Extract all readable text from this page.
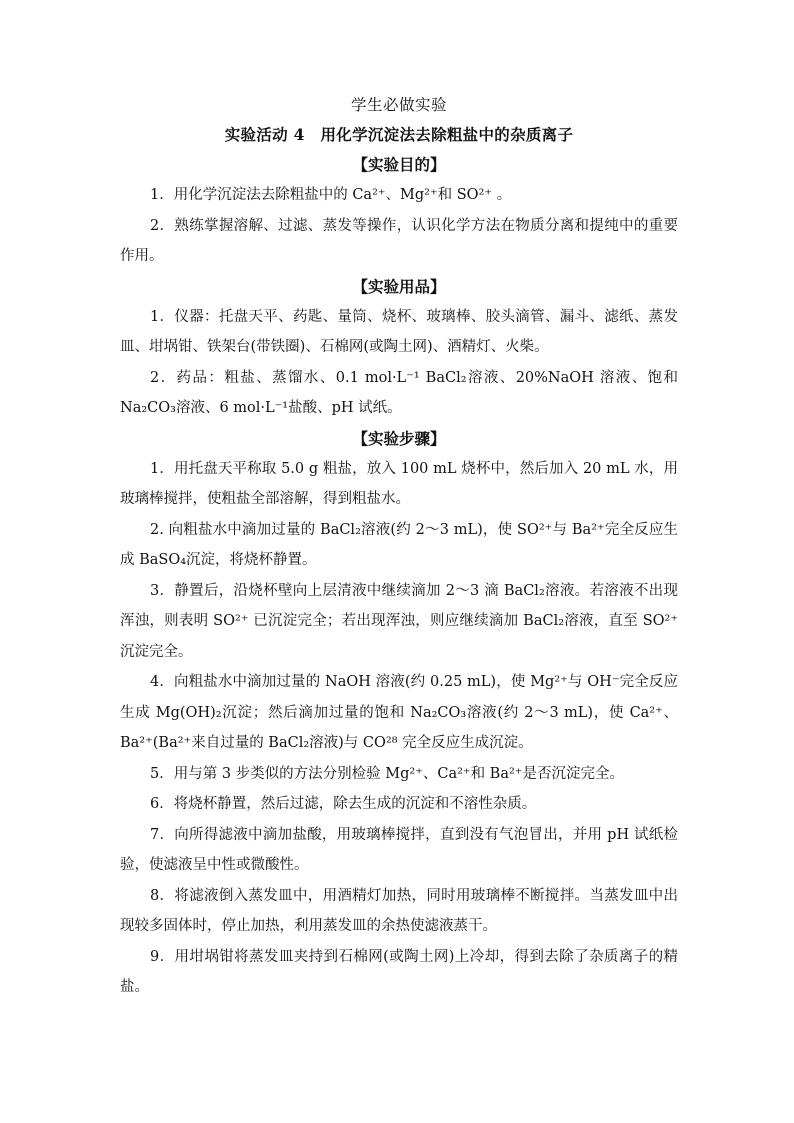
学生必做实验
实验活动 4　用化学沉淀法去除粗盐中的杂质离子
【实验目的】

1．用化学沉淀法去除粗盐中的 Ca²⁺、Mg²⁺和 SO²⁺ 。

2．熟练掌握溶解、过滤、蒸发等操作，认识化学方法在物质分离和提纯中的重要作用。

【实验用品】

1．仪器：托盘天平、药匙、量筒、烧杯、玻璃棒、胶头滴管、漏斗、滤纸、蒸发皿、坩埚钳、铁架台(带铁圈)、石棉网(或陶土网)、酒精灯、火柴。

2．药品：粗盐、蒸馏水、0.1 mol·L⁻¹ BaCl₂溶液、20%NaOH 溶液、饱和 Na₂CO₃溶液、6 mol·L⁻¹盐酸、pH 试纸。

【实验步骤】

1．用托盘天平称取 5.0 g 粗盐，放入 100 mL 烧杯中，然后加入 20 mL 水，用玻璃棒搅拌，使粗盐全部溶解，得到粗盐水。

2. 向粗盐水中滴加过量的 BaCl₂溶液(约 2～3 mL)，使 SO²⁺与 Ba²⁺完全反应生成 BaSO₄沉淀，将烧杯静置。

3．静置后，沿烧杯壁向上层清液中继续滴加 2～3 滴 BaCl₂溶液。若溶液不出现浑浊，则表明 SO²⁺ 已沉淀完全；若出现浑浊，则应继续滴加 BaCl₂溶液，直至 SO²⁺沉淀完全。

4．向粗盐水中滴加过量的 NaOH 溶液(约 0.25 mL)，使 Mg²⁺与 OH⁻完全反应生成 Mg(OH)₂沉淀；然后滴加过量的饱和 Na₂CO₃溶液(约 2～3 mL)，使 Ca²⁺、Ba²⁺(Ba²⁺来自过量的 BaCl₂溶液)与 CO²⁸ 完全反应生成沉淀。

5．用与第 3 步类似的方法分别检验 Mg²⁺、Ca²⁺和 Ba²⁺是否沉淀完全。

6．将烧杯静置，然后过滤，除去生成的沉淀和不溶性杂质。

7．向所得滤液中滴加盐酸，用玻璃棒搅拌，直到没有气泡冒出，并用 pH 试纸检验，使滤液呈中性或微酸性。

8．将滤液倒入蒸发皿中，用酒精灯加热，同时用玻璃棒不断搅拌。当蒸发皿中出现较多固体时，停止加热，利用蒸发皿的余热使滤液蒸干。

9．用坩埚钳将蒸发皿夹持到石棉网(或陶土网)上冷却，得到去除了杂质离子的精盐。
